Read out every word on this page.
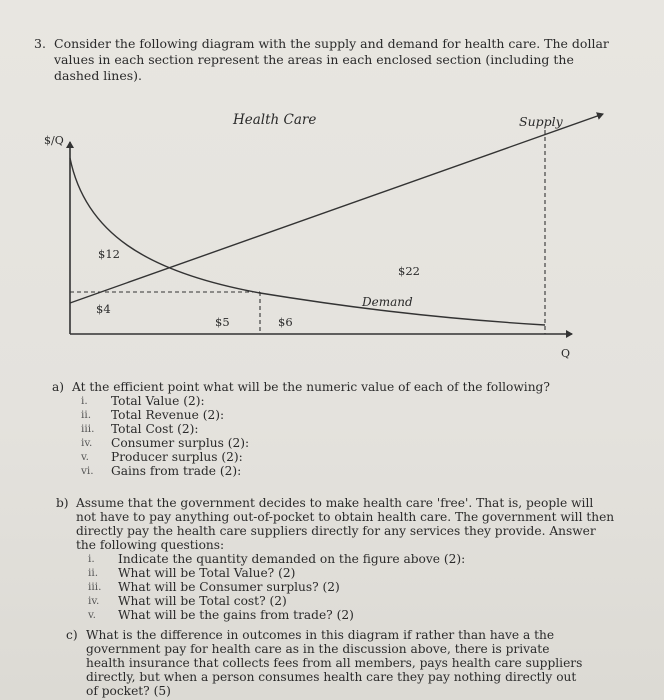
3. Consider the following diagram with the supply and demand for health care. The dollar values in each section represent the areas in each enclosed section (including the dashed lines).
Health Care	Supply
$/Q
Q
Demand
$12
$22
$4
$5	$6
a) At the efficient point what will be the numeric value of each of the following?
i. Total Value (2):
ii. Total Revenue (2):
iii. Total Cost (2):
iv. Consumer surplus (2):
v. Producer surplus (2):
vi. Gains from trade (2):
b) Assume that the government decides to make health care 'free'. That is, people will not have to pay anything out-of-pocket to obtain health care. The government will then directly pay the health care suppliers directly for any services they provide. Answer the following questions:
i. Indicate the quantity demanded on the figure above (2):
ii. What will be Total Value? (2)
iii. What will be Consumer surplus? (2)
iv. What will be Total cost? (2)
v. What will be the gains from trade? (2)
c) What is the difference in outcomes in this diagram if rather than have a the government pay for health care as in the discussion above, there is private health insurance that collects fees from all members, pays health care suppliers directly, but when a person consumes health care they pay nothing directly out of pocket? (5)
